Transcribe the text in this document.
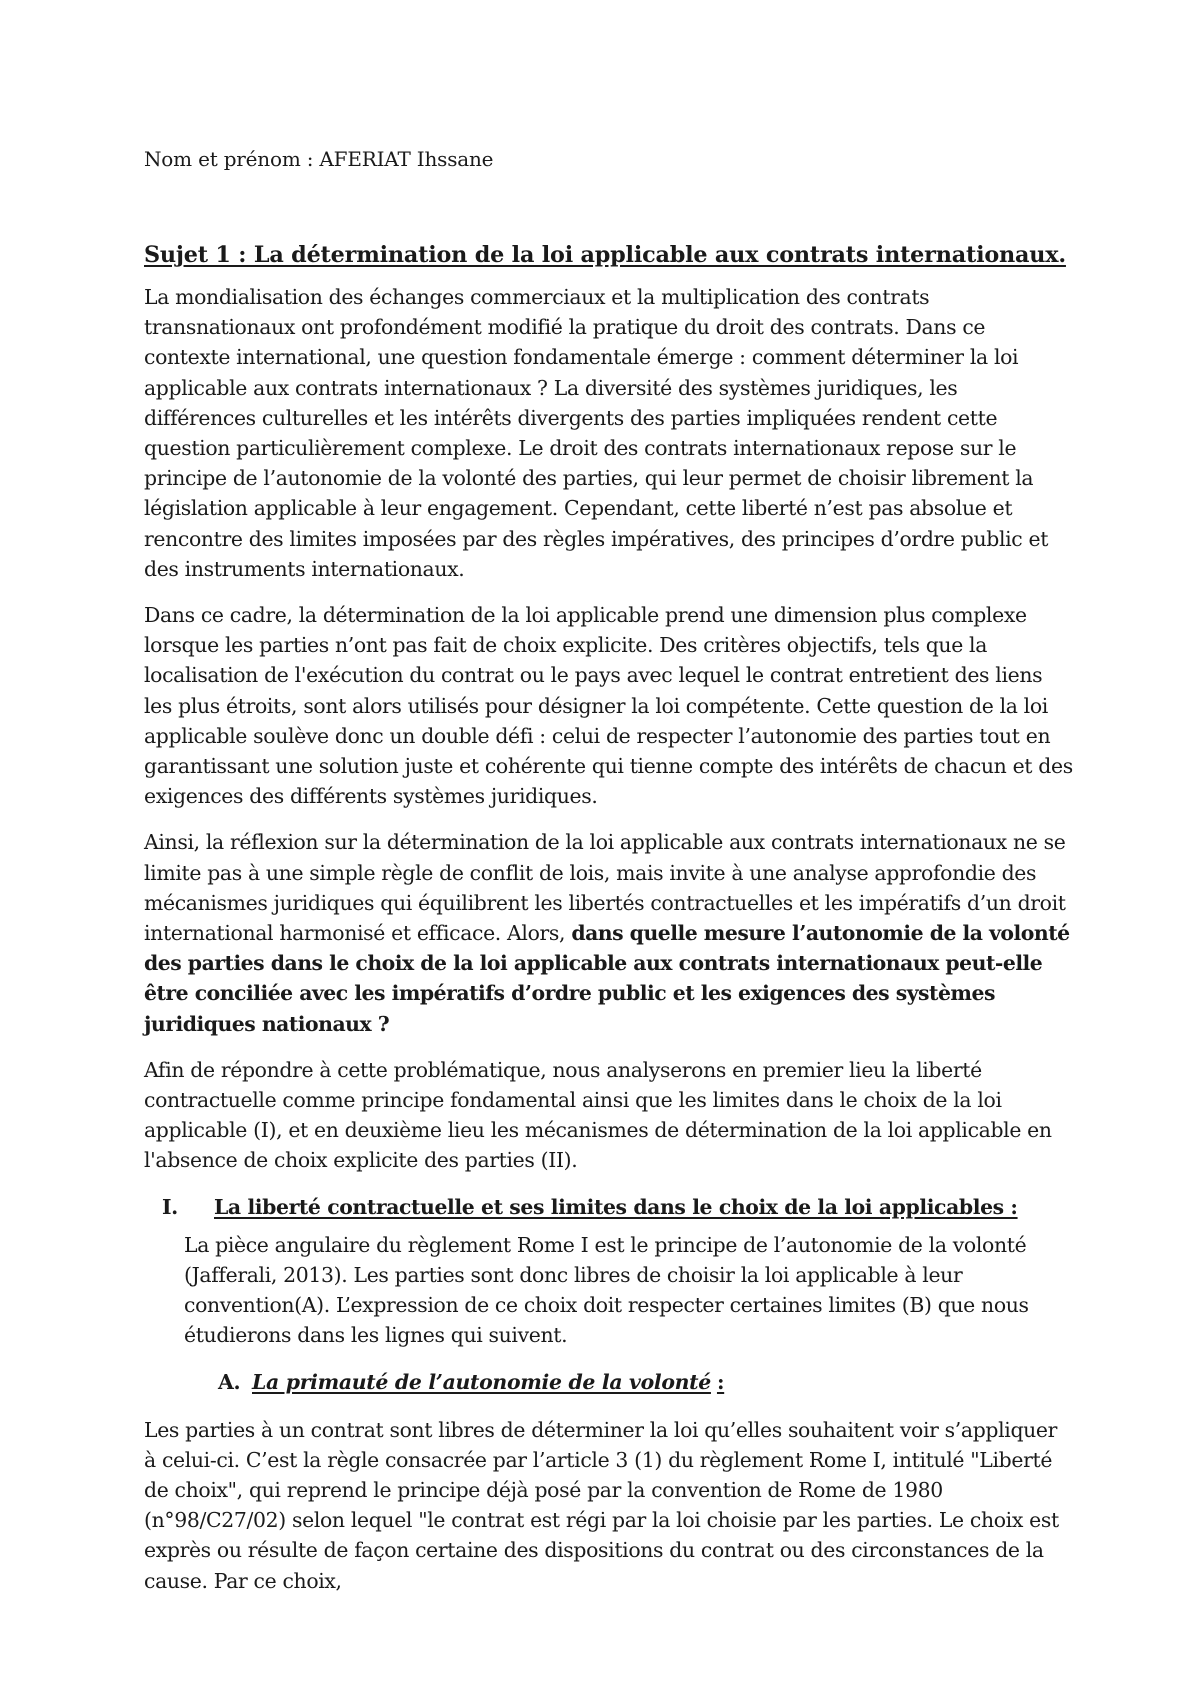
Nom et prénom : AFERIAT Ihssane
Sujet 1 : La détermination de la loi applicable aux contrats internationaux.

La mondialisation des échanges commerciaux et la multiplication des contrats transnationaux ont profondément modifié la pratique du droit des contrats. Dans ce contexte international, une question fondamentale émerge : comment déterminer la loi applicable aux contrats internationaux ? La diversité des systèmes juridiques, les différences culturelles et les intérêts divergents des parties impliquées rendent cette question particulièrement complexe. Le droit des contrats internationaux repose sur le principe de l’autonomie de la volonté des parties, qui leur permet de choisir librement la législation applicable à leur engagement. Cependant, cette liberté n’est pas absolue et rencontre des limites imposées par des règles impératives, des principes d’ordre public et des instruments internationaux.

Dans ce cadre, la détermination de la loi applicable prend une dimension plus complexe lorsque les parties n’ont pas fait de choix explicite. Des critères objectifs, tels que la localisation de l'exécution du contrat ou le pays avec lequel le contrat entretient des liens les plus étroits, sont alors utilisés pour désigner la loi compétente. Cette question de la loi applicable soulève donc un double défi : celui de respecter l’autonomie des parties tout en garantissant une solution juste et cohérente qui tienne compte des intérêts de chacun et des exigences des différents systèmes juridiques.

Ainsi, la réflexion sur la détermination de la loi applicable aux contrats internationaux ne se limite pas à une simple règle de conflit de lois, mais invite à une analyse approfondie des mécanismes juridiques qui équilibrent les libertés contractuelles et les impératifs d’un droit international harmonisé et efficace. Alors, dans quelle mesure l’autonomie de la volonté des parties dans le choix de la loi applicable aux contrats internationaux peut-elle être conciliée avec les impératifs d’ordre public et les exigences des systèmes juridiques nationaux ?

Afin de répondre à cette problématique, nous analyserons en premier lieu la liberté contractuelle comme principe fondamental ainsi que les limites dans le choix de la loi applicable (I), et en deuxième lieu les mécanismes de détermination de la loi applicable en l'absence de choix explicite des parties (II).

I.	La liberté contractuelle et ses limites dans le choix de la loi applicables :

La pièce angulaire du règlement Rome I est le principe de l’autonomie de la volonté (Jafferali, 2013). Les parties sont donc libres de choisir la loi applicable à leur convention(A). L’expression de ce choix doit respecter certaines limites (B) que nous étudierons dans les lignes qui suivent.

A. La primauté de l’autonomie de la volonté :

Les parties à un contrat sont libres de déterminer la loi qu’elles souhaitent voir s’appliquer à celui-ci. C’est la règle consacrée par l’article 3 (1) du règlement Rome I, intitulé "Liberté de choix", qui reprend le principe déjà posé par la convention de Rome de 1980 (n°98/C27/02) selon lequel "le contrat est régi par la loi choisie par les parties. Le choix est exprès ou résulte de façon certaine des dispositions du contrat ou des circonstances de la cause. Par ce choix,
